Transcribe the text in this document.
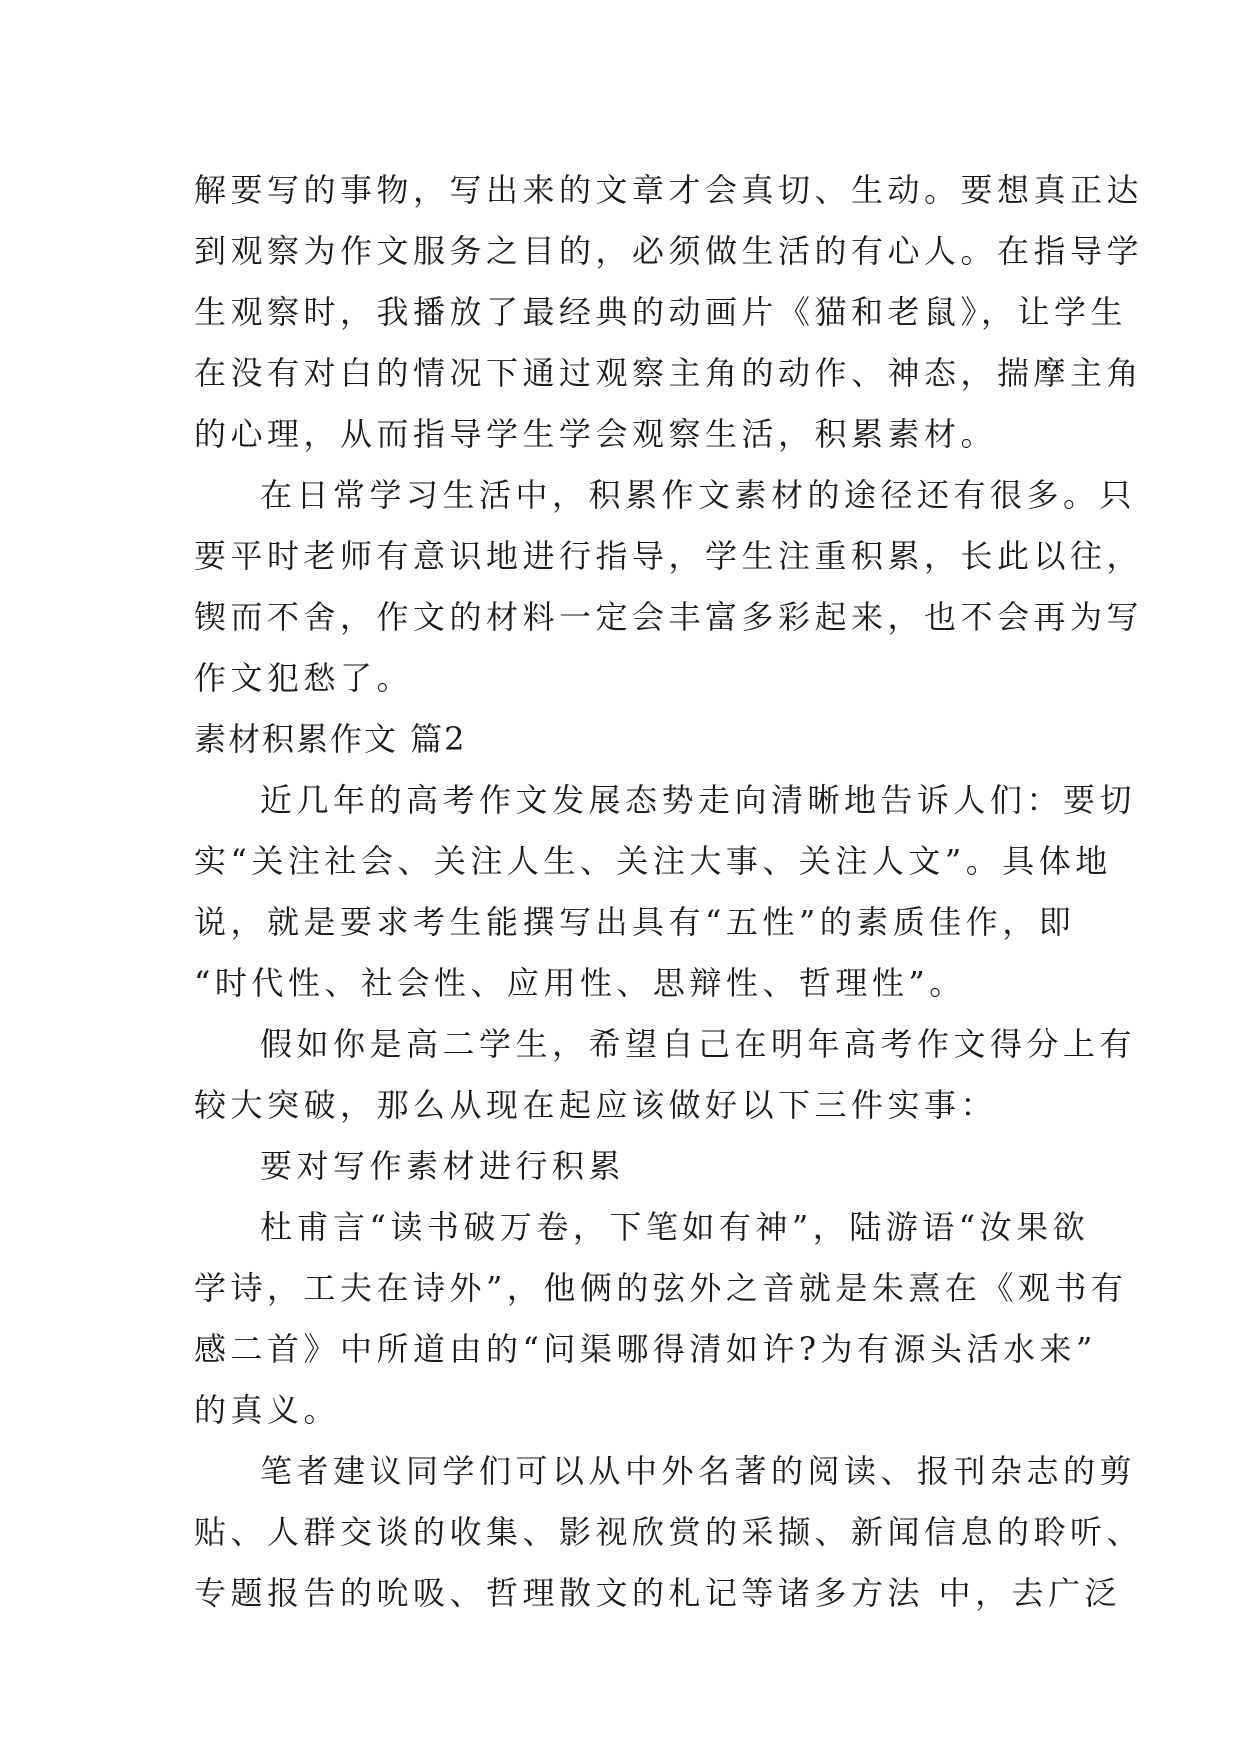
解要写的事物，写出来的文章才会真切、生动。要想真正达
到观察为作文服务之目的，必须做生活的有心人。在指导学
生观察时，我播放了最经典的动画片《猫和老鼠》，让学生
在没有对白的情况下通过观察主角的动作、神态，揣摩主角
的心理，从而指导学生学会观察生活，积累素材。
在日常学习生活中，积累作文素材的途径还有很多。只
要平时老师有意识地进行指导，学生注重积累，长此以往，
锲而不舍，作文的材料一定会丰富多彩起来，也不会再为写
作文犯愁了。
素材积累作文 篇2
近几年的高考作文发展态势走向清晰地告诉人们：要切
实“关注社会、关注人生、关注大事、关注人文”。具体地
说，就是要求考生能撰写出具有“五性”的素质佳作，即
“时代性、社会性、应用性、思辩性、哲理性”。
假如你是高二学生，希望自己在明年高考作文得分上有
较大突破，那么从现在起应该做好以下三件实事：
要对写作素材进行积累
杜甫言“读书破万卷，下笔如有神”，陆游语“汝果欲
学诗，工夫在诗外”，他俩的弦外之音就是朱熹在《观书有
感二首》中所道由的“问渠哪得清如许?为有源头活水来”
的真义。
笔者建议同学们可以从中外名著的阅读、报刊杂志的剪
贴、人群交谈的收集、影视欣赏的采撷、新闻信息的聆听、
专题报告的吮吸、哲理散文的札记等诸多方法 中，去广泛
